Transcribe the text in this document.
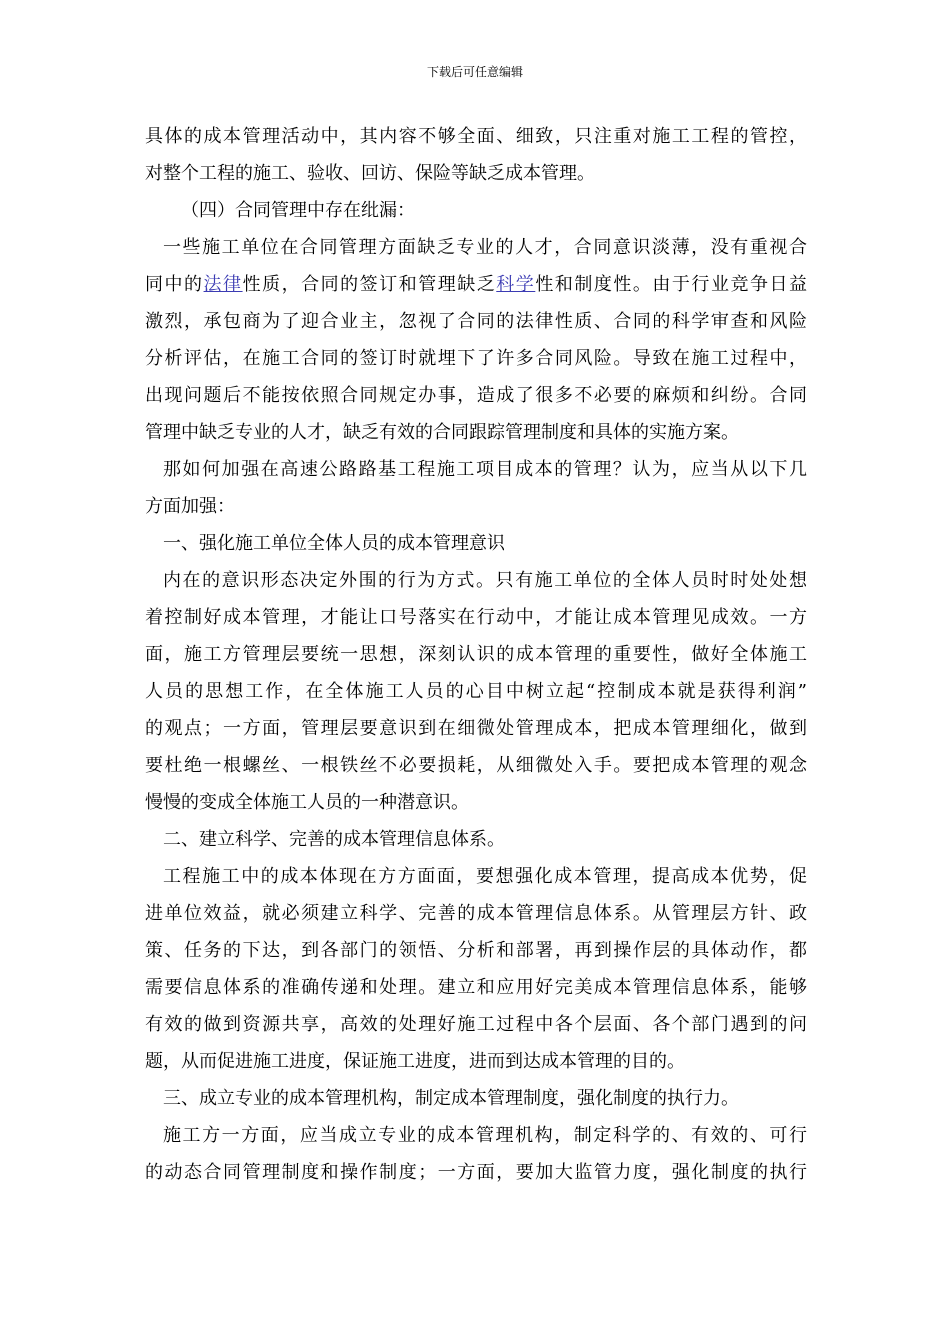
下载后可任意编辑
具体的成本管理活动中，其内容不够全面、细致，只注重对施工工程的管控，
对整个工程的施工、验收、回访、保险等缺乏成本管理。
（四）合同管理中存在纰漏：
一些施工单位在合同管理方面缺乏专业的人才，合同意识淡薄，没有重视合
同中的法律性质，合同的签订和管理缺乏科学性和制度性。由于行业竞争日益
激烈，承包商为了迎合业主，忽视了合同的法律性质、合同的科学审查和风险
分析评估，在施工合同的签订时就埋下了许多合同风险。导致在施工过程中，
出现问题后不能按依照合同规定办事，造成了很多不必要的麻烦和纠纷。合同
管理中缺乏专业的人才，缺乏有效的合同跟踪管理制度和具体的实施方案。
那如何加强在高速公路路基工程施工项目成本的管理？认为，应当从以下几
方面加强：
一、强化施工单位全体人员的成本管理意识
内在的意识形态决定外围的行为方式。只有施工单位的全体人员时时处处想
着控制好成本管理，才能让口号落实在行动中，才能让成本管理见成效。一方
面，施工方管理层要统一思想，深刻认识的成本管理的重要性，做好全体施工
人员的思想工作，在全体施工人员的心目中树立起“控制成本就是获得利润”
的观点；一方面，管理层要意识到在细微处管理成本，把成本管理细化，做到
要杜绝一根螺丝、一根铁丝不必要损耗，从细微处入手。要把成本管理的观念
慢慢的变成全体施工人员的一种潜意识。
二、建立科学、完善的成本管理信息体系。
工程施工中的成本体现在方方面面，要想强化成本管理，提高成本优势，促
进单位效益，就必须建立科学、完善的成本管理信息体系。从管理层方针、政
策、任务的下达，到各部门的领悟、分析和部署，再到操作层的具体动作，都
需要信息体系的准确传递和处理。建立和应用好完美成本管理信息体系，能够
有效的做到资源共享，高效的处理好施工过程中各个层面、各个部门遇到的问
题，从而促进施工进度，保证施工进度，进而到达成本管理的目的。
三、成立专业的成本管理机构，制定成本管理制度，强化制度的执行力。
施工方一方面，应当成立专业的成本管理机构，制定科学的、有效的、可行
的动态合同管理制度和操作制度；一方面，要加大监管力度，强化制度的执行
